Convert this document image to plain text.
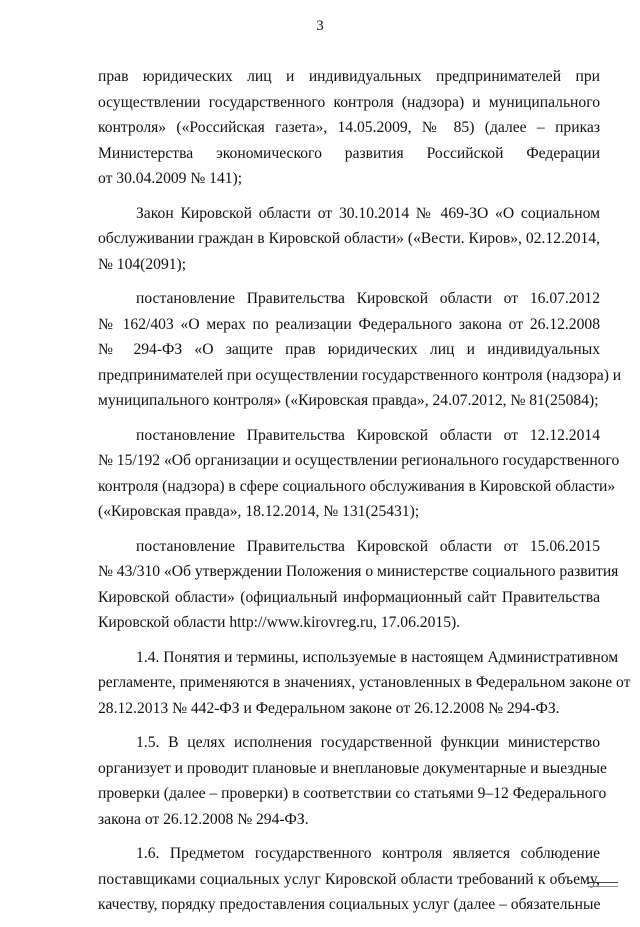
3
прав юридических лиц и индивидуальных предпринимателей при
осуществлении государственного контроля (надзора) и муниципального
контроля» («Российская газета», 14.05.2009, № 85) (далее – приказ
Министерства экономического развития Российской Федерации
от 30.04.2009 № 141);
Закон Кировской области от 30.10.2014 № 469-ЗО «О социальном
обслуживании граждан в Кировской области» («Вести. Киров», 02.12.2014,
№ 104(2091);
постановление Правительства Кировской области от 16.07.2012
№ 162/403 «О мерах по реализации Федерального закона от 26.12.2008
№ 294-ФЗ «О защите прав юридических лиц и индивидуальных
предпринимателей при осуществлении государственного контроля (надзора) и
муниципального контроля» («Кировская правда», 24.07.2012, № 81(25084);
постановление Правительства Кировской области от 12.12.2014
№ 15/192 «Об организации и осуществлении регионального государственного
контроля (надзора) в сфере социального обслуживания в Кировской области»
(«Кировская правда», 18.12.2014, № 131(25431);
постановление Правительства Кировской области от 15.06.2015
№ 43/310 «Об утверждении Положения о министерстве социального развития
Кировской области» (официальный информационный сайт Правительства
Кировской области http://www.kirovreg.ru, 17.06.2015).
1.4. Понятия и термины, используемые в настоящем Административном
регламенте, применяются в значениях, установленных в Федеральном законе от
28.12.2013 № 442-ФЗ и Федеральном законе от 26.12.2008 № 294-ФЗ.
1.5. В целях исполнения государственной функции министерство
организует и проводит плановые и внеплановые документарные и выездные
проверки (далее – проверки) в соответствии со статьями 9–12 Федерального
закона от 26.12.2008 № 294-ФЗ.
1.6. Предметом государственного контроля является соблюдение
поставщиками социальных услуг Кировской области требований к объему,
качеству, порядку предоставления социальных услуг (далее – обязательные
